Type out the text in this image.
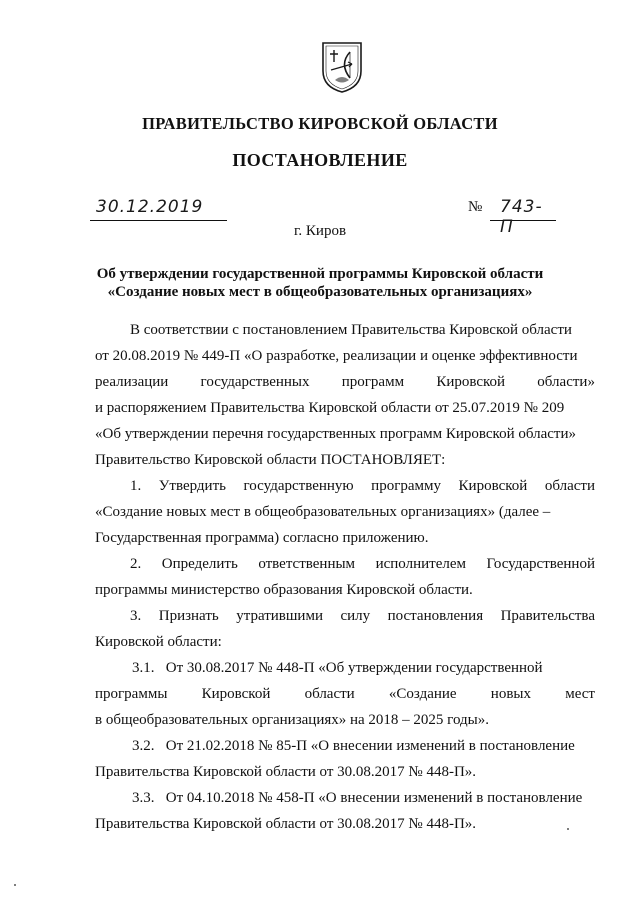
ПРАВИТЕЛЬСТВО КИРОВСКОЙ ОБЛАСТИ
ПОСТАНОВЛЕНИЕ
30.12.2019	№ 743-П
г. Киров
Об утверждении государственной программы Кировской области
«Создание новых мест в общеобразовательных организациях»
В соответствии с постановлением Правительства Кировской области
от 20.08.2019 № 449-П «О разработке, реализации и оценке эффективности
реализации государственных программ Кировской области»
и распоряжением Правительства Кировской области от 25.07.2019 № 209
«Об утверждении перечня государственных программ Кировской области»
Правительство Кировской области ПОСТАНОВЛЯЕТ:
1. Утвердить государственную программу Кировской области
«Создание новых мест в общеобразовательных организациях» (далее –
Государственная программа) согласно приложению.
2. Определить ответственным исполнителем Государственной
программы министерство образования Кировской области.
3. Признать утратившими силу постановления Правительства
Кировской области:
3.1.   От 30.08.2017 № 448-П «Об утверждении государственной
программы Кировской области «Создание новых мест
в общеобразовательных организациях» на 2018 – 2025 годы».
3.2.   От 21.02.2018 № 85-П «О внесении изменений в постановление
Правительства Кировской области от 30.08.2017 № 448-П».
3.3.   От 04.10.2018 № 458-П «О внесении изменений в постановление
Правительства Кировской области от 30.08.2017 № 448-П».
